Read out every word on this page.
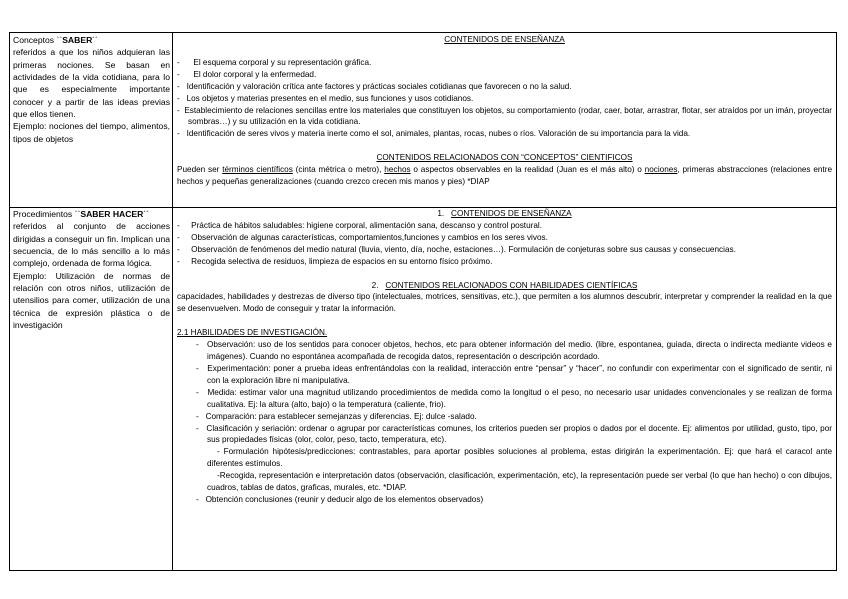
Conceptos ``SABER´´

referidos a que los niños adquieran las primeras nociones. Se basan en actividades de la vida cotidiana, para lo que es especialmente importante conocer y a partir de las ideas previas que ellos tienen.

Ejemplo: nociones del tiempo, alimentos, tipos de objetos

CONTENIDOS DE ENSEÑANZA

-      El esquema corporal y su representación gráfica.

-      El dolor corporal y la enfermedad.

-   Identificación y valoración crítica ante factores y prácticas sociales cotidianas que favorecen o no la salud.

-   Los objetos y materias presentes en el medio, sus funciones y usos cotidianos.

-  Establecimiento de relaciones sencillas entre los materiales que constituyen los objetos, su comportamiento (rodar, caer, botar, arrastrar, flotar, ser atraídos por un imán, proyectar sombras…) y su utilización en la vida cotidiana.

-   Identificación de seres vivos y materia inerte como el sol, animales, plantas, rocas, nubes o ríos. Valoración de su importancia para la vida.

CONTENIDOS RELACIONADOS CON “CONCEPTOS” CIENTIFICOS

Pueden ser términos científicos (cinta métrica o metro), hechos o aspectos observables en la realidad (Juan es el más alto) o nociones, primeras abstracciones (relaciones entre hechos y pequeñas generalizaciones (cuando crezco crecen mis manos y pies) *DIAP

Procedimientos ``SABER HACER´´

referidos al conjunto de acciones dirigidas a conseguir un fin. Implican una secuencia, de lo más sencillo a lo más complejo, ordenada de forma lógica.

Ejemplo: Utilización de normas de relación con otros niños, utilización de utensilios para comer, utilización de una técnica de expresión plástica o de investigación

1. CONTENIDOS DE ENSEÑANZA

-     Práctica de hábitos saludables: higiene corporal, alimentación sana, descanso y control postural.

-     Observación de algunas características, comportamientos,funciones y cambios en los seres vivos.

-     Observación de fenómenos del medio natural (lluvia, viento, día, noche, estaciones…). Formulación de conjeturas sobre sus causas y consecuencias.

-     Recogida selectiva de residuos, limpieza de espacios en su entorno físico próximo.

2. CONTENIDOS RELACIONADOS CON HABILIDADES CIENTÍFICAS

capacidades, habilidades y destrezas de diverso tipo (intelectuales, motrices, sensitivas, etc.), que permiten a los alumnos descubrir, interpretar y comprender la realidad en la que se desenvuelven. Modo de conseguir y tratar la información.

2.1 HABILIDADES DE INVESTIGACIÓN.

-   Observación: uso de los sentidos para conocer objetos, hechos, etc para obtener información del medio. (libre, espontanea, guiada, directa o indirecta mediante videos e imágenes). Cuando no espontánea acompañada de recogida datos, representación o descripción acordado.

-   Experimentación: poner a prueba ideas enfrentándolas con la realidad, interacción entre “pensar” y “hacer”, no confundir con experimentar con el significado de sentir, ni con la exploración libre ni manipulativa.

-   Medida: estimar valor una magnitud utilizando procedimientos de medida como la longitud o el peso, no necesario usar unidades convencionales y se realizan de forma cualitativa. Ej: la altura (alto, bajo) o la temperatura (caliente, frio).

-   Comparación: para establecer semejanzas y diferencias. Ej: dulce -salado.

-   Clasificación y seriación: ordenar o agrupar por características comunes, los criterios pueden ser propios o dados por el docente. Ej: alimentos por utilidad, gusto, tipo, por sus propiedades físicas (olor, color, peso, tacto, temperatura, etc).

- Formulación hipótesis/predicciones: contrastables, para aportar posibles soluciones al problema, estas dirigirán la experimentación. Ej: que hará el caracol ante diferentes estímulos.

-Recogida, representación e interpretación datos (observación, clasificación, experimentación, etc), la representación puede ser verbal (lo que han hecho) o con dibujos, cuadros, tablas de datos, graficas, murales, etc. *DIAP.

-   Obtención conclusiones (reunir y deducir algo de los elementos observados)
